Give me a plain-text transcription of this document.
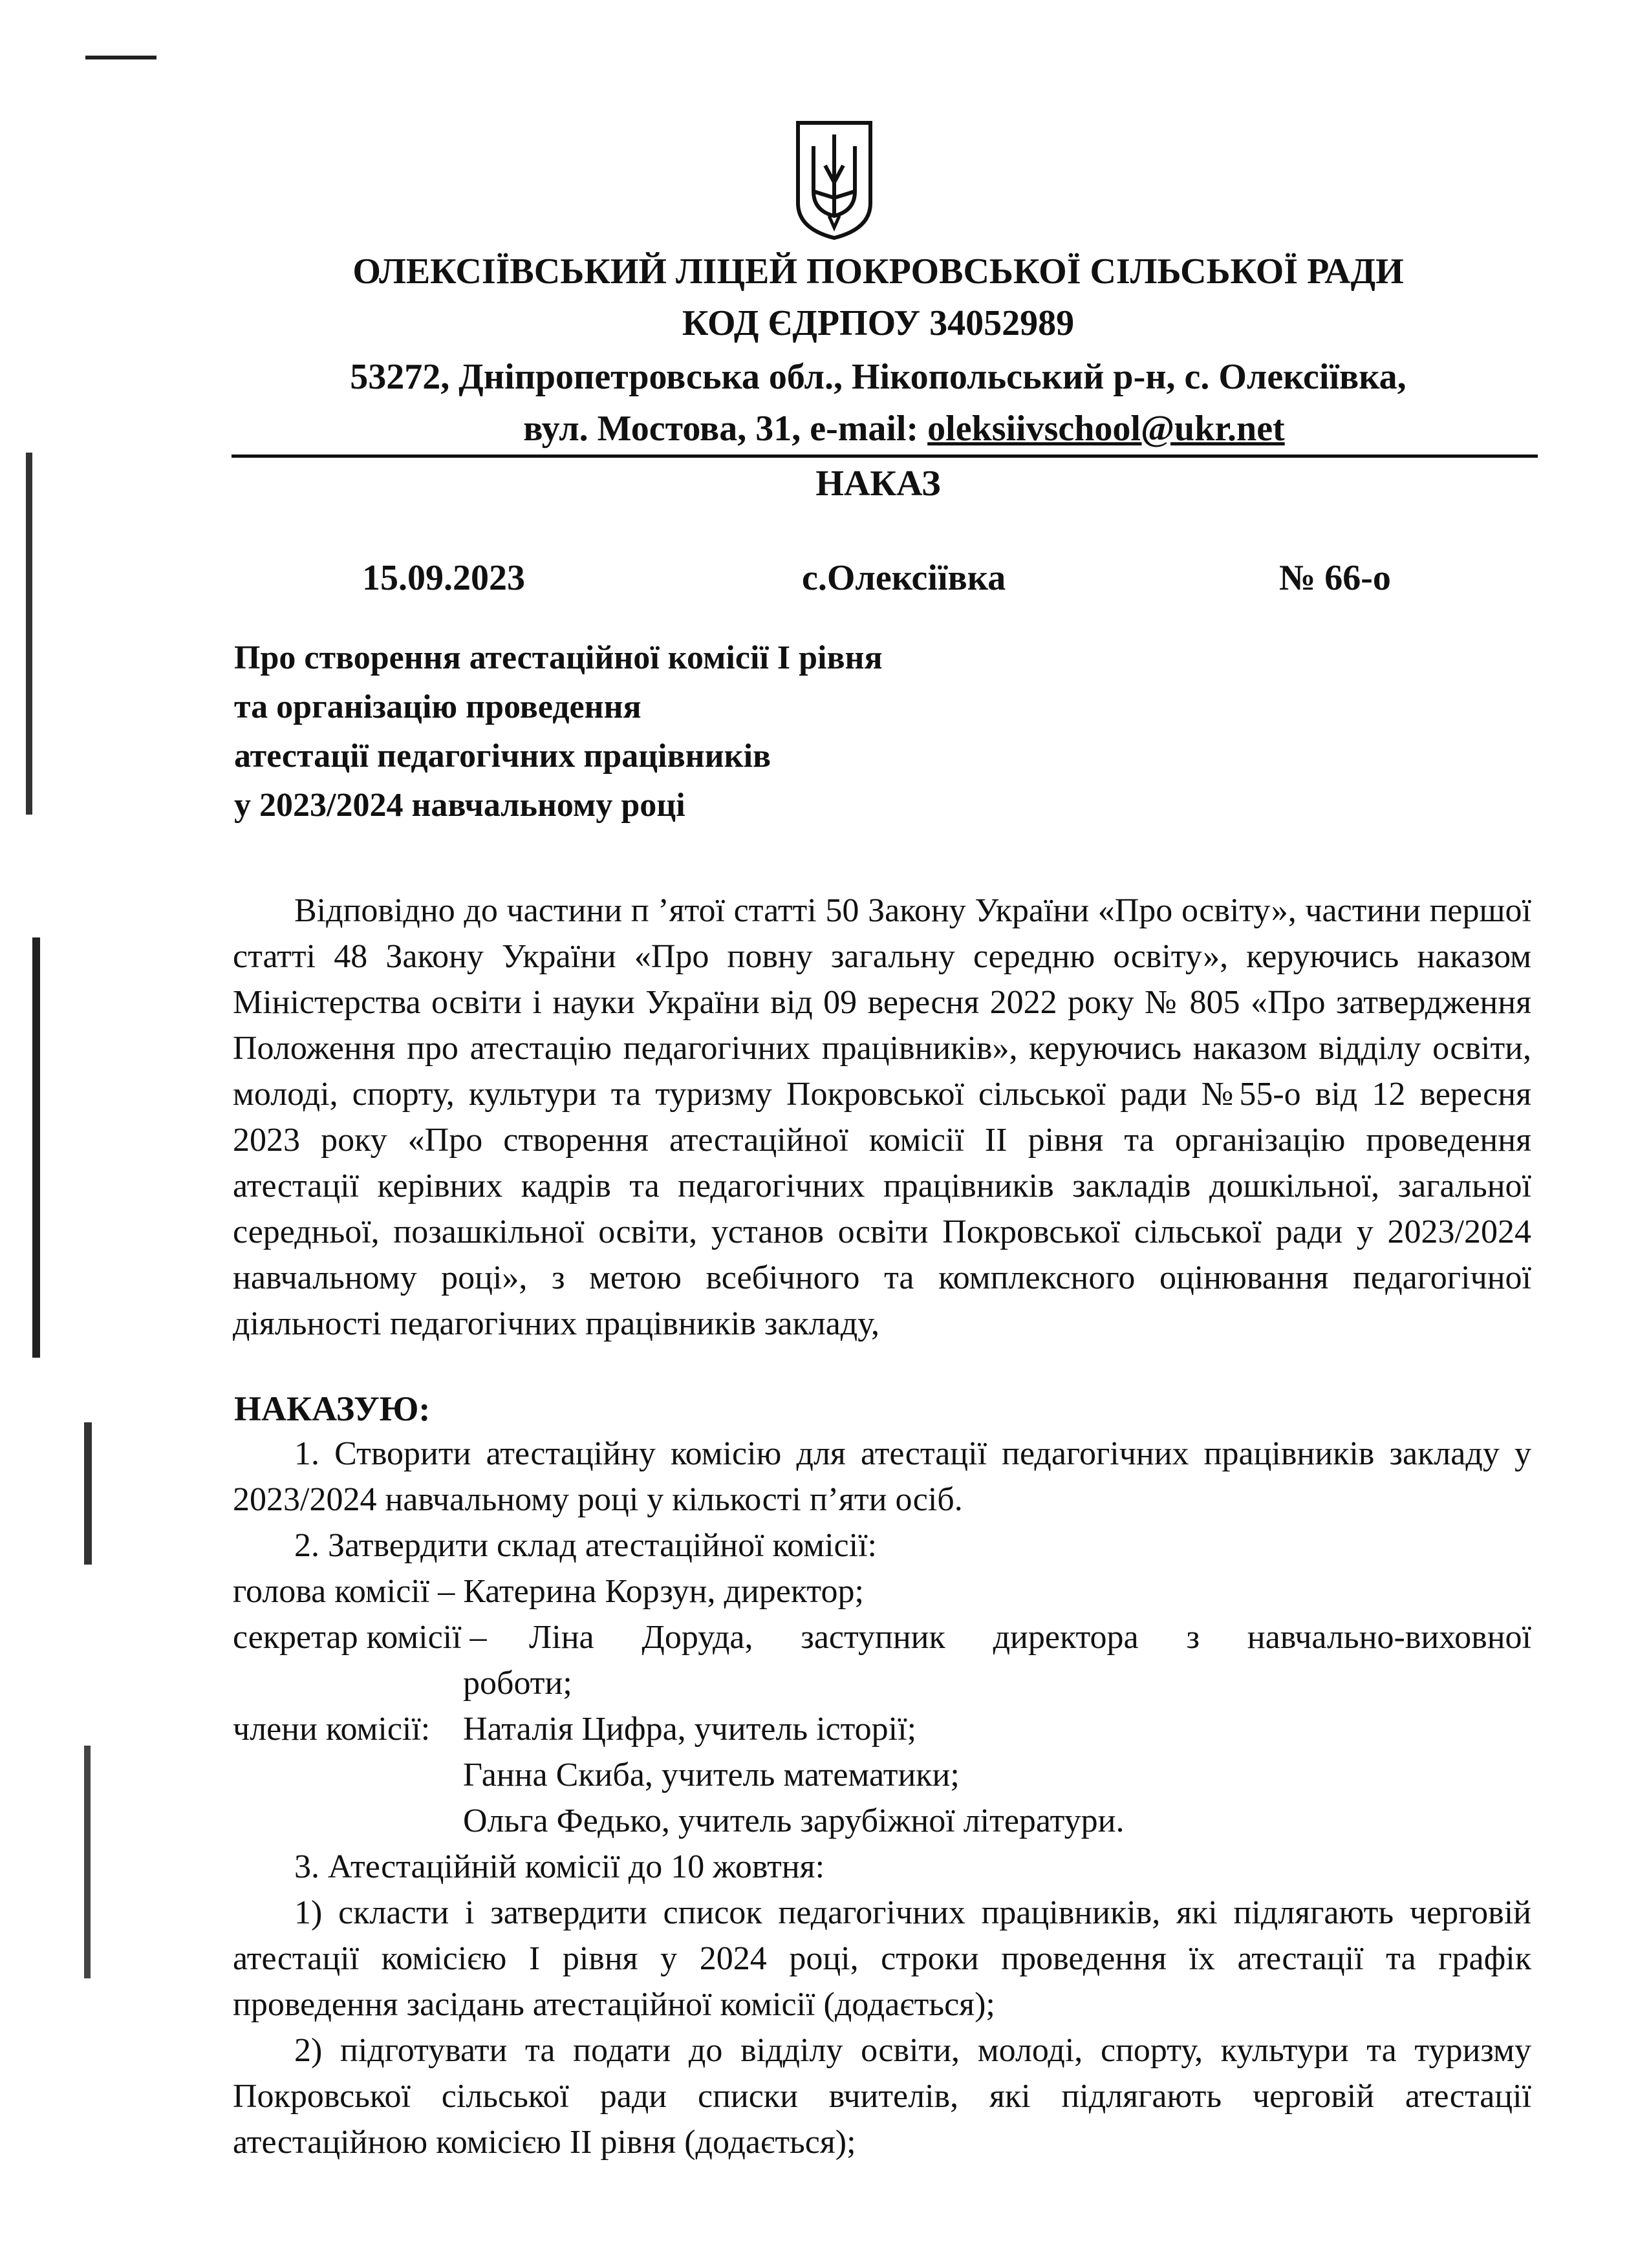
ОЛЕКСІЇВСЬКИЙ ЛІЦЕЙ ПОКРОВСЬКОЇ СІЛЬСЬКОЇ РАДИ
КОД ЄДРПОУ 34052989
53272, Дніпропетровська обл., Нікопольський р-н, с. Олексіївка,
вул. Мостова, 31, e-mail: oleksiivschool@ukr.net
НАКАЗ
15.09.2023	с.Олексіївка	№ 66-о
Про створення атестаційної комісії І рівня
та організацію проведення
атестації педагогічних працівників
у 2023/2024 навчальному році
Відповідно до частини п ’ятої статті 50 Закону України «Про освіту», частини першої статті 48 Закону України «Про повну загальну середню освіту», керуючись наказом Міністерства освіти і науки України від 09 вересня 2022 року № 805 «Про затвердження Положення про атестацію педагогічних працівників», керуючись наказом відділу освіти, молоді, спорту, культури та туризму Покровської сільської ради №55-о від 12 вересня 2023 року «Про створення атестаційної комісії ІІ рівня та організацію проведення атестації керівних кадрів та педагогічних працівників закладів дошкільної, загальної середньої, позашкільної освіти, установ освіти Покровської сільської ради у 2023/2024 навчальному році», з метою всебічного та комплексного оцінювання педагогічної діяльності педагогічних працівників закладу,
НАКАЗУЮ:
1. Створити атестаційну комісію для атестації педагогічних працівників закладу у 2023/2024 навчальному році у кількості п’яти осіб.
2. Затвердити склад атестаційної комісії:
голова комісії – Катерина Корзун, директор;
секретар комісії – Ліна Доруда, заступник директора з навчально-виховної
роботи;
члени комісії: Наталія Цифра, учитель історії;
Ганна Скиба, учитель математики;
Ольга Федько, учитель зарубіжної літератури.
3. Атестаційній комісії до 10 жовтня:
1) скласти і затвердити список педагогічних працівників, які підлягають черговій атестації комісією І рівня у 2024 році, строки проведення їх атестації та графік проведення засідань атестаційної комісії (додається);
2) підготувати та подати до відділу освіти, молоді, спорту, культури та туризму Покровської сільської ради списки вчителів, які підлягають черговій атестації атестаційною комісією ІІ рівня (додається);
